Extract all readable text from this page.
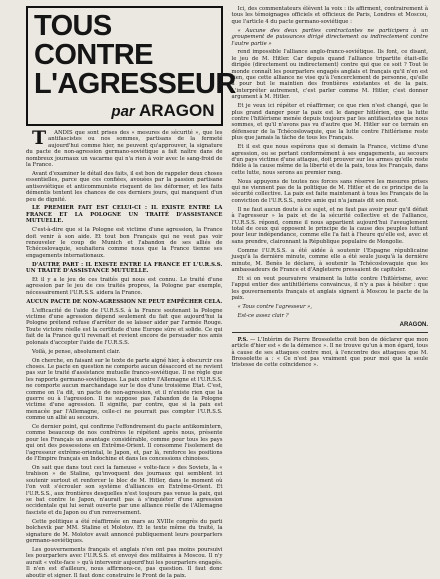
TOUS CONTRE
L'AGRESSEUR
par ARAGON

TANDIS que sont prises des « mesures de sécurité », que les antifascistes ou nos sommes, partisans de la fermeté aujourd'hui comme hier, ne peuvent qu'approuver, la signature du pacte de non-agression germano-soviétique a fait naître dans de nombreux journaux un vacarme qui n'a rien à voir avec le sang-froid de la France.

Avant d'examiner le détail des faits, il est bon de rappeler deux choses essentielles, parce que ces confiées, avouées par la passion partisane antisoviétique et anticommuniste risquent de les déformer, et les faits démentis tentent les chances de ces derniers jours, qui manquent d'un peu de dignité.

LE PREMIER FAIT EST CELUI-CI : IL EXISTE ENTRE LA FRANCE ET LA POLOGNE UN TRAITÉ D'ASSISTANCE MUTUELLE.

C'est-à-dire que si la Pologne est victime d'une agression, la France doit venir à son aide. Et tout bon Français qui ne veut pas voir renouveler le coup de Munich et l'abandon de ses alliés de Tchécoslovaquie, souhaitera comme nous que la France tienne ses engagements internationaux.

D'AUTRE PART : IL EXISTE ENTRE LA FRANCE ET L'U.R.S.S. UN TRAITÉ D'ASSISTANCE MUTUELLE.

Et il y a le jeu de ces traités qui nous est connu. Le traité d'une agression par le jeu de ces traités propres, la Pologne par exemple, nécessairement l'U.R.S.S. aidera la France.

AUCUN PACTE DE NON-AGRESSION NE PEUT EMPÊCHER CELA.

L'efficacité de l'aide de l'U.R.S.S. à la France soutenant la Pologne victime d'une agression dépend seulement du fait que aujourd'hui la Pologne prétend refuse d'arrêter de se laisser aider par l'armée Rouge. Toute victoire réelle est la certitude d'une Europe sûre et solide. Ce qui fait de la France qu'il revenait et revient encore de persuader nos amis polonais d'accepter l'aide de l'U.R.S.S.

Voilà, je pense, absolument clair.

On cherche, en faisant sur le texte de parte aigné hier, à obscurcir ces choses. Le pacte en question ne comporte aucun désaccord et ne revient pas sur le traité d'assistance mutuelle franco-soviétique. Il ne règle que les rapports germano-soviétiques. La paix entre l'Allemagne et l'U.R.S.S. ne comporte aucun marchandage sur le dos d'une troisième Etat. C'est, comme on l'a dit, un pacte de non-agression, et il n'existe rien que la guerre ou à l'agression. Il ne suppose pas l'abandon de la Pologne victime d'une agression. Il signifie, par contre, que si la paix est menacée par l'Allemagne, celle-ci ne pourrait pas compter l'U.R.S.S. comme un allié au secours.

Ce dernier point, qui confirme l'effondrement du pacte antikomintern, comme beaucoup de nos confrères le répètent après nous, présente pour les Français un avantage considérable, comme pour tous les pays qui ont des possessions en Extrême-Orient. Il consomme l'isolement de l'agresseur extrême-oriental, le Japon, et, par là, renforce les positions de l'Empire français en Indochine et dans les concessions chinoises.

On sait que dans tout ceci la fameuse « volte-face » des Soviets, la « trahison » de Staline, qu'invoquent des journaux qui semblent ici soutenir surtout et renforcer le bloc de M. Hitler, dans le moment où l'on voit s'écrouler son système d'alliances en Extrême-Orient. Et l'U.R.S.S., aux frontières desquelles n'est toujours pas venue la paix, qui se bat contre le Japon, n'aurait pas à s'inquiéter d'une agression occidentale qui lui serait ouverte par une alliance réelle de l'Allemagne fasciste et du Japon ou d'un renversement.

Cette politique a été réaffirmée en mars au XVIIIe congrès du parti bolchevik par MM. Staline et Molotov. Et le texte même du traité, la signature de M. Molotov avait annoncé publiquement leurs pourparlers germano-soviétiques.

Les gouvernements français et anglais n'en ont pas moins poursuivi les pourparlers avec l'U.R.S.S. et envoyé des militaires à Moscou. Il n'y aurait « volte-face » qu'à intervenir aujourd'hui les pourparlers engagés. Il n'en est d'ailleurs, nous affirmons-ce, pas question. Il faut donc aboutir et signer. Il faut donc construire le Front de la paix.

Ici, des commentateurs élèvent la voix : ils affirment, contrairement à tous les témoignages officiels et officieux de Paris, Londres et Moscou, que l'article 4 du pacte germano-soviétique :

« Aucune des deux parties contractantes ne participera à un groupement de puissances dirigé directement ou indirectement contre l'autre partie »

rend impossible l'alliance anglo-franco-soviétique. Ils font, ce disant, le jeu de M. Hitler. Car depuis quand l'alliance tripartite était-elle dirigée (directement ou indirectement) contre qui que ce soit ? Tout le monde connaît les pourparlers engagés anglais et français qu'il n'en est rien, que cette alliance ne vise qu'à l'encerclement de personne, qu'elle a pour but le maintien des frontières existantes et de la paix. L'interpréter autrement, c'est parler comme M. Hitler, c'est donner argument à M. Hitler.

Et je veux ici répéter et réaffirmer, ce que rien n'est changé, que le plus grand danger pour la paix est le danger hitlérien, que la lutte contre l'hitlérisme menée depuis toujours par les antifascistes que nous sommes, et qu'il n'avons pas vu d'autre que M. Hitler sur ce terrain en défenseur de la Tchécoslovaquie, que la lutte contre l'hitlérisme reste plus que jamais la tâche de tous les Français.

Et il est que nous espérons que si demain la France, victime d'une agression, ou se portant conformément à ses engagements, au secours d'un pays victime d'une attaque, doit prouver sur les armes qu'elle reste fidèle à la cause même de la liberté et de la paix, tous les Français, dans cette lutte, nous serons au premier rang.

Nous appuyons de toutes nos forces sans réserve les mesures prises qui ne viennent pas de la politique de M. Hitler et de ce principe de la sécurité collective. La paix est faite maintenant à tous les Français de la conviction de l'U.R.S.S., notre amie qui n'a jamais dit son mot.

Il ne faut aucun doute à ce sujet, et ne faut pas avoir peur qu'il défait à l'agresseur » la paix et de la sécurité collective et de l'alliance, l'U.R.S.S. répond, comme il nous appartient aujourd'hui l'aveuglement total de ceux qui opposent le principe de la cause des peuples luttant pour leur indépendance, comme elle l'a fait à l'heure qu'elle est, avec et sans prendre, claironnant la République populaire de Mongolie.

Comme l'U.R.S.S. a été aidée à soutenir l'Espagne républicaine jusqu'à la dernière minute, comme elle a été seule jusqu'à la dernière minute, M. Benès le déclare, à soutenir la Tchécoslovaquie que les ambassadeurs de France et d'Angleterre pressaient de capituler.

Et si on veut poursuivre vraiment la lutte contre l'hitlérisme, avec l'appui entier des antihitlériens convaincus, il n'y a pas à hésiter : que les gouvernements français et anglais signent à Moscou le pacte de la paix.

« Tous contre l'agresseur »,

Est-ce assez clair ?

ARAGON.

P.S. — L'Intérim de Pierre Brossolette croit bon de déclarer que mon article d'hier est « de la démence ». Il ne trouve qu'un à mon égard, tous à cause de ses attaques contre moi, à l'encontre des attaques que M. Brossolette a : « Ce n'est pas vraiment que pour moi que la seule tristesse de cette coïncidence ».
